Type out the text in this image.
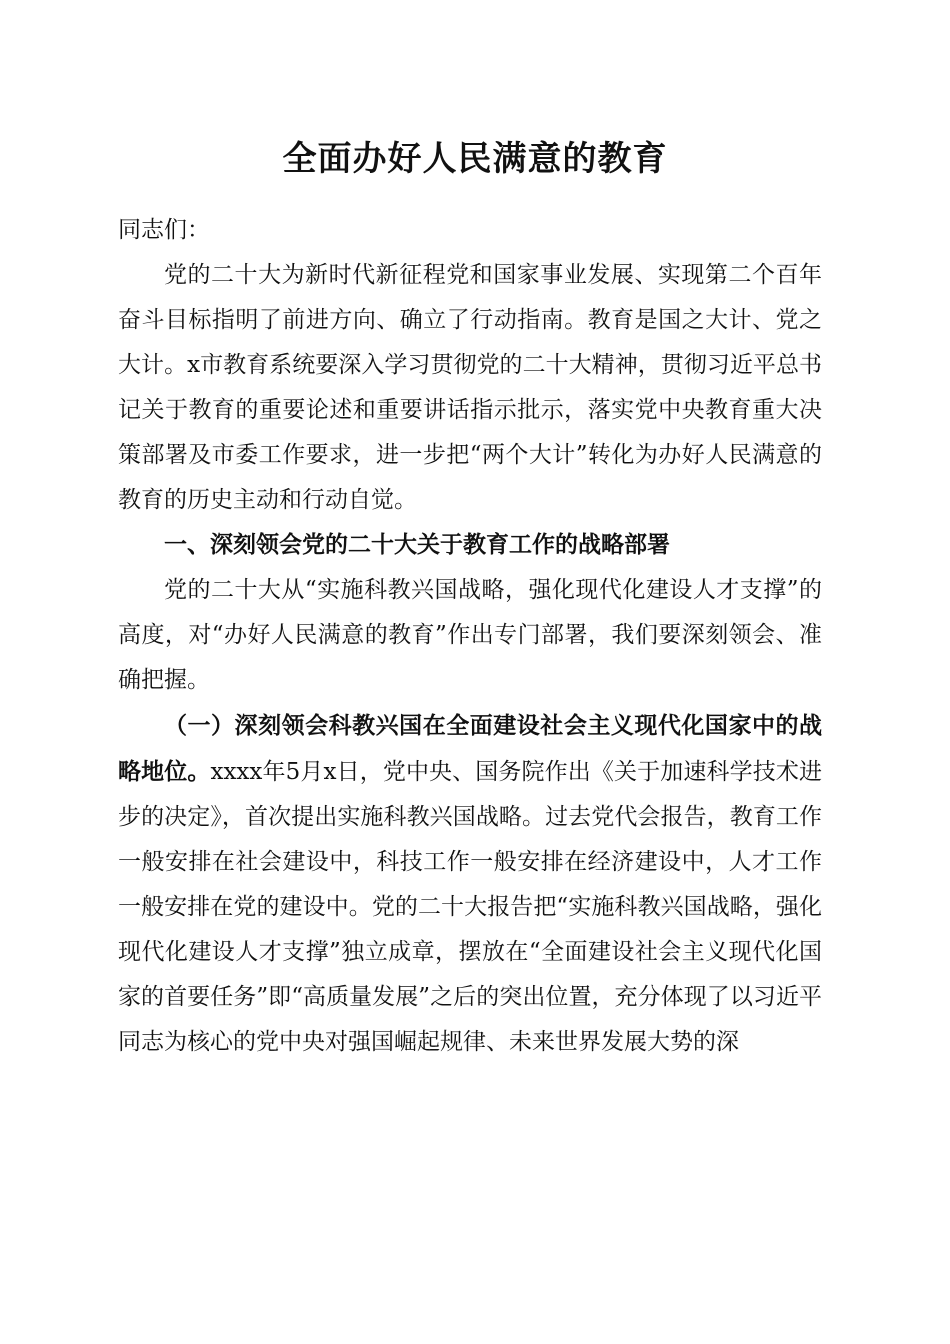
全面办好人民满意的教育

同志们：

党的二十大为新时代新征程党和国家事业发展、实现第二个百年奋斗目标指明了前进方向、确立了行动指南。教育是国之大计、党之大计。x市教育系统要深入学习贯彻党的二十大精神，贯彻习近平总书记关于教育的重要论述和重要讲话指示批示，落实党中央教育重大决策部署及市委工作要求，进一步把“两个大计”转化为办好人民满意的教育的历史主动和行动自觉。

一、深刻领会党的二十大关于教育工作的战略部署

党的二十大从“实施科教兴国战略，强化现代化建设人才支撑”的高度，对“办好人民满意的教育”作出专门部署，我们要深刻领会、准确把握。

（一）深刻领会科教兴国在全面建设社会主义现代化国家中的战略地位。xxxx年5月x日，党中央、国务院作出《关于加速科学技术进步的决定》，首次提出实施科教兴国战略。过去党代会报告，教育工作一般安排在社会建设中，科技工作一般安排在经济建设中，人才工作一般安排在党的建设中。党的二十大报告把“实施科教兴国战略，强化现代化建设人才支撑”独立成章，摆放在“全面建设社会主义现代化国家的首要任务”即“高质量发展”之后的突出位置，充分体现了以习近平同志为核心的党中央对强国崛起规律、未来世界发展大势的深
